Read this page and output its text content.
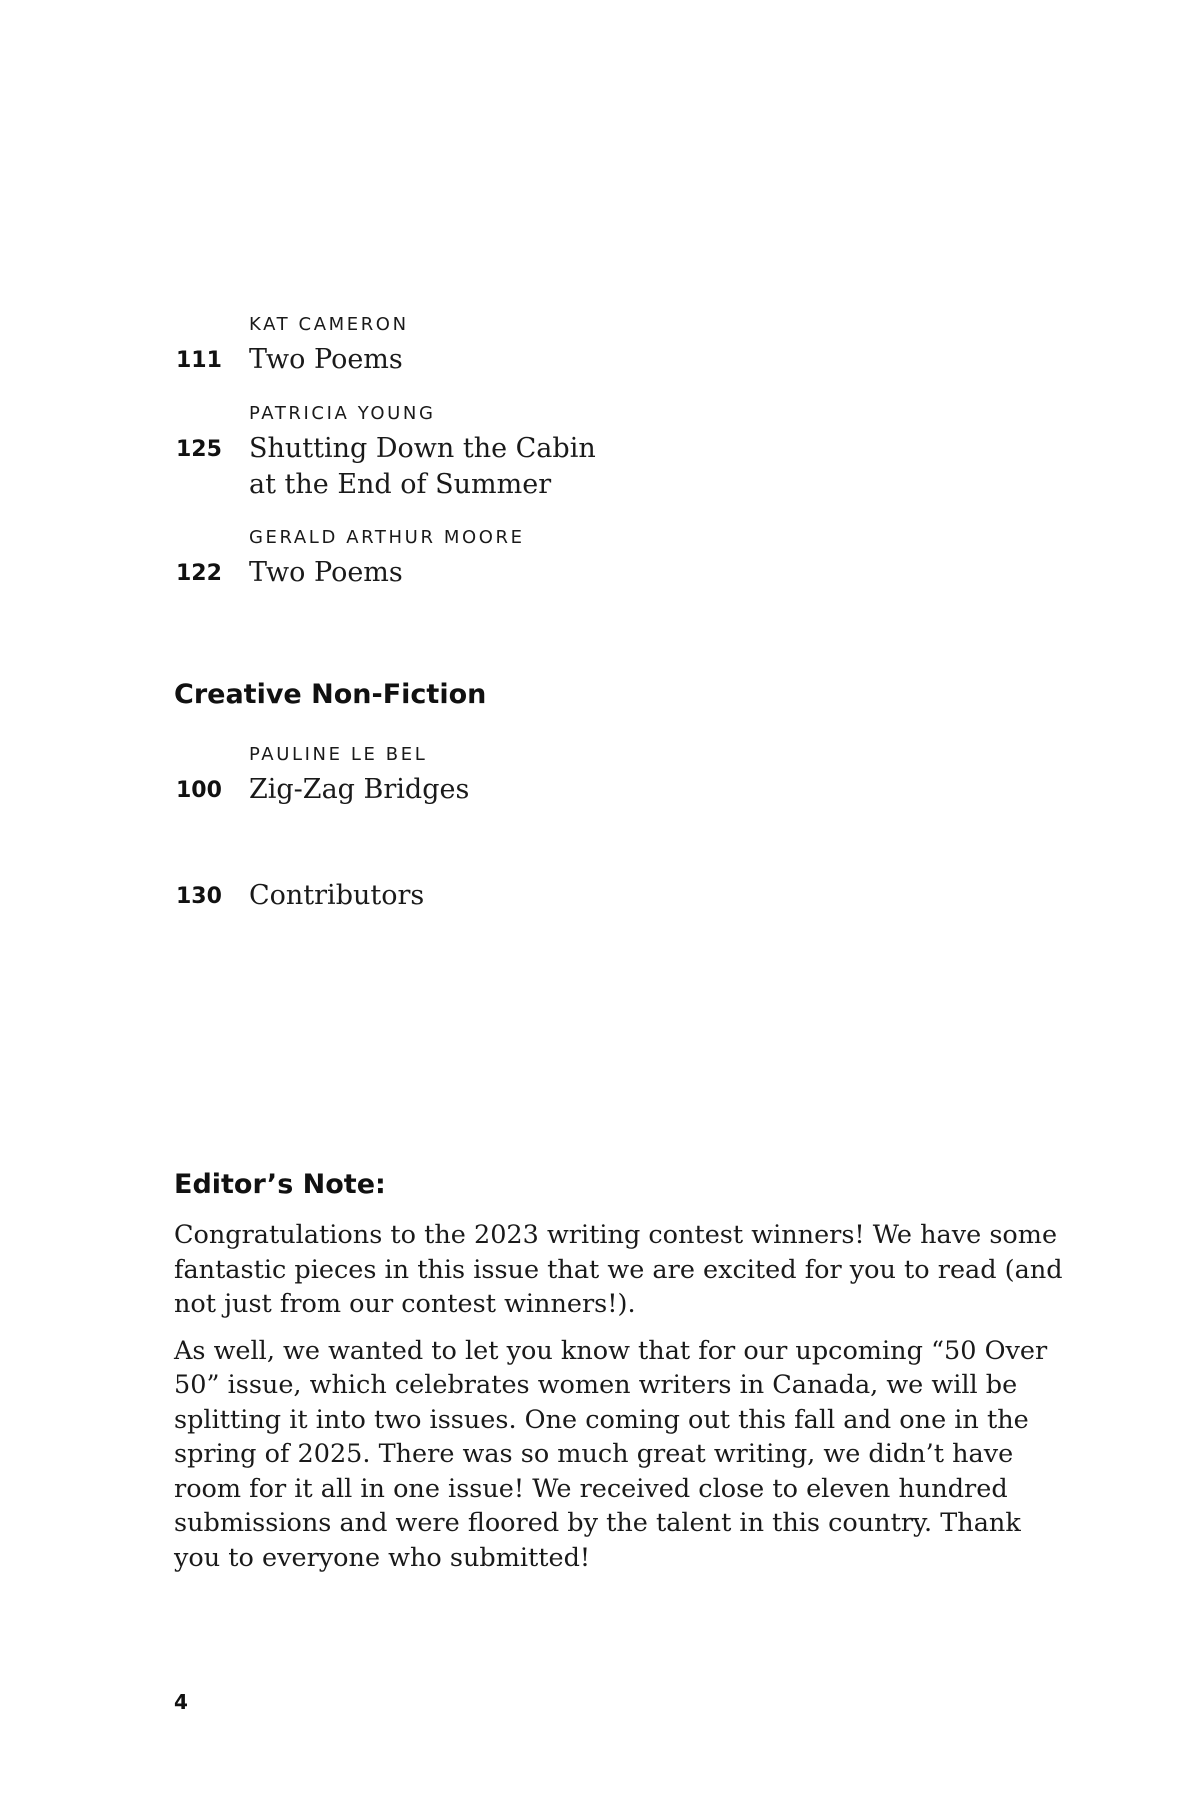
KAT CAMERON
111 Two Poems
PATRICIA YOUNG
125 Shutting Down the Cabin
at the End of Summer
GERALD ARTHUR MOORE
122 Two Poems
Creative Non-Fiction
PAULINE LE BEL
100 Zig-Zag Bridges
130 Contributors
Editor’s Note:

Congratulations to the 2023 writing contest winners! We have some fantastic pieces in this issue that we are excited for you to read (and not just from our contest winners!).

As well, we wanted to let you know that for our upcoming “50 Over 50” issue, which celebrates women writers in Canada, we will be splitting it into two issues. One coming out this fall and one in the spring of 2025. There was so much great writing, we didn’t have room for it all in one issue! We received close to eleven hundred submissions and were floored by the talent in this country. Thank you to everyone who submitted!

4
